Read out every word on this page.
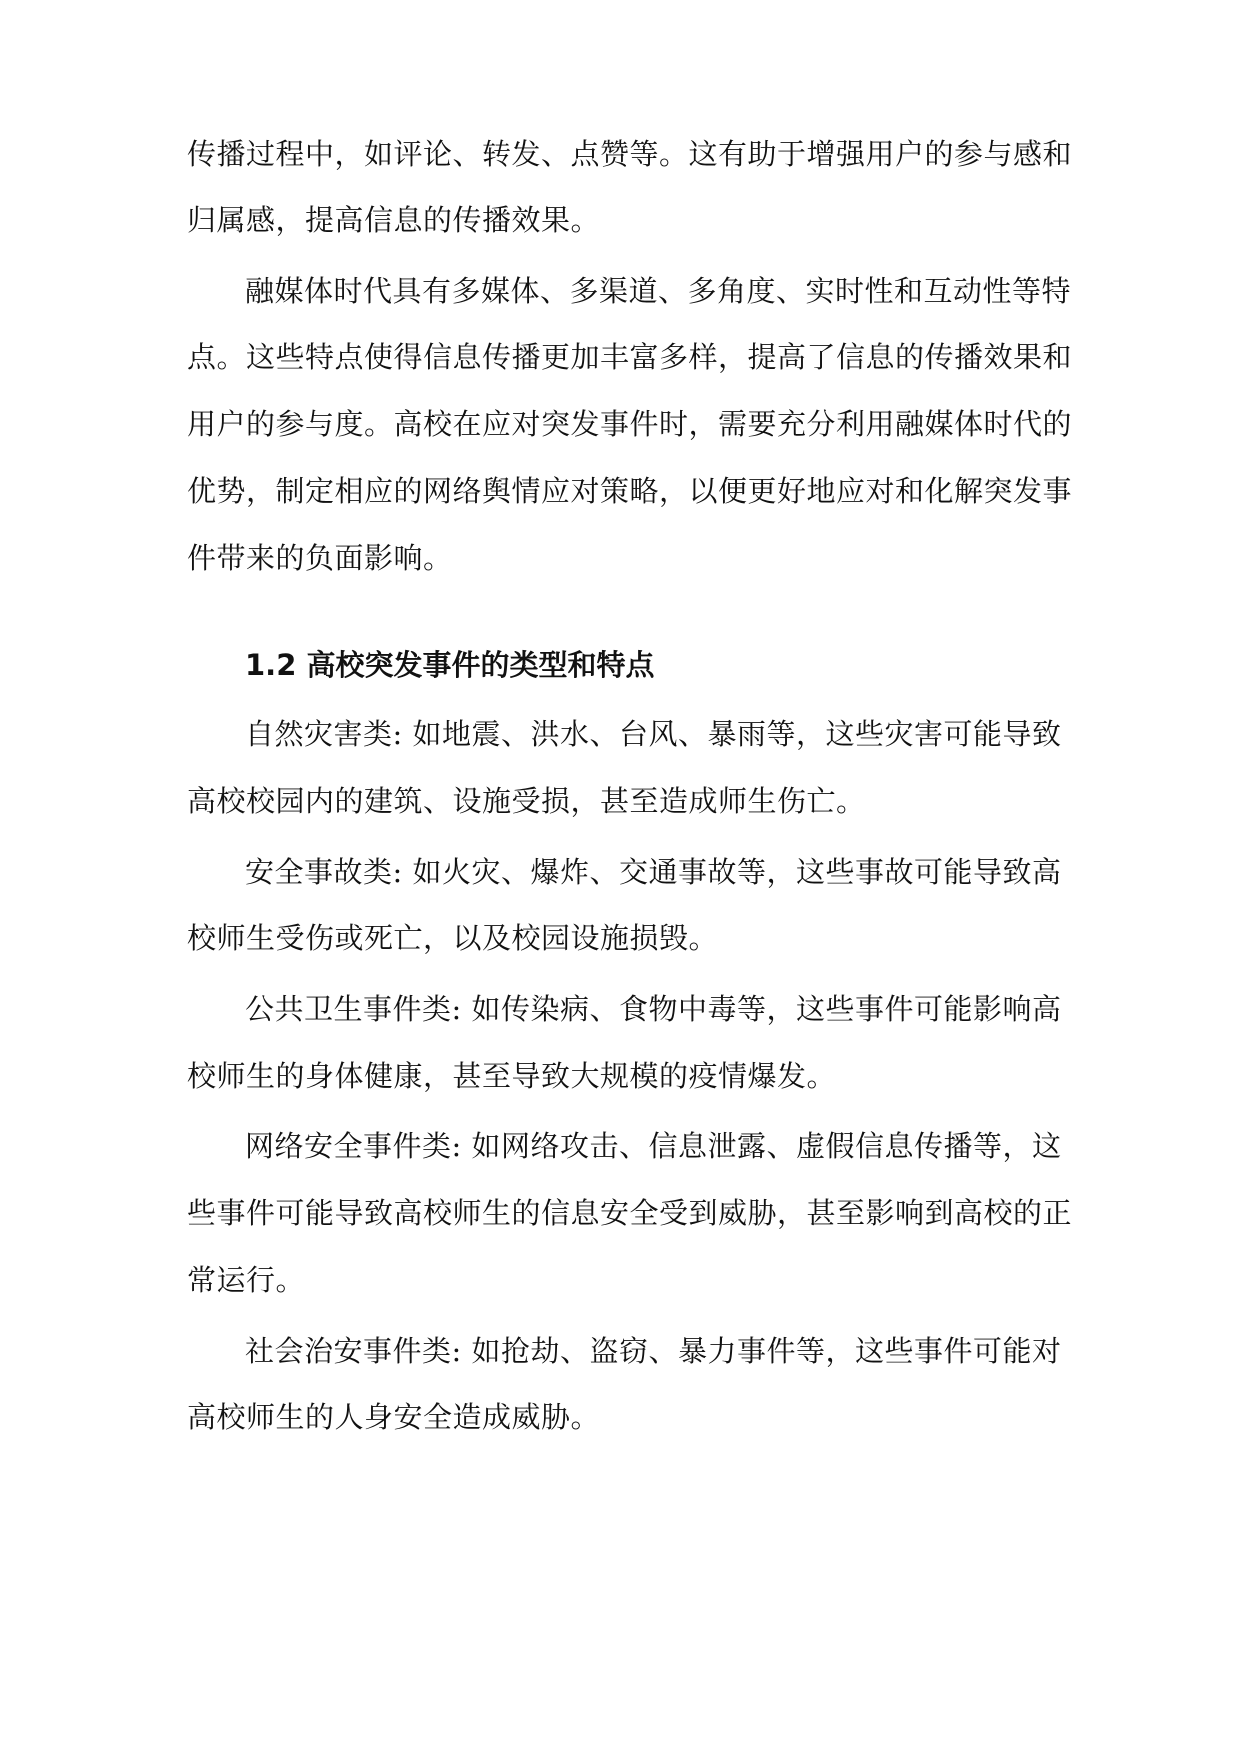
传播过程中，如评论、转发、点赞等。这有助于增强用户的参与感和
归属感，提高信息的传播效果。
融媒体时代具有多媒体、多渠道、多角度、实时性和互动性等特
点。这些特点使得信息传播更加丰富多样，提高了信息的传播效果和
用户的参与度。高校在应对突发事件时，需要充分利用融媒体时代的
优势，制定相应的网络舆情应对策略，以便更好地应对和化解突发事
件带来的负面影响。
1.2 高校突发事件的类型和特点
自然灾害类: 如地震、洪水、台风、暴雨等，这些灾害可能导致
高校校园内的建筑、设施受损，甚至造成师生伤亡。
安全事故类: 如火灾、爆炸、交通事故等，这些事故可能导致高
校师生受伤或死亡，以及校园设施损毁。
公共卫生事件类: 如传染病、食物中毒等，这些事件可能影响高
校师生的身体健康，甚至导致大规模的疫情爆发。
网络安全事件类: 如网络攻击、信息泄露、虚假信息传播等，这
些事件可能导致高校师生的信息安全受到威胁，甚至影响到高校的正
常运行。
社会治安事件类: 如抢劫、盗窃、暴力事件等，这些事件可能对
高校师生的人身安全造成威胁。
